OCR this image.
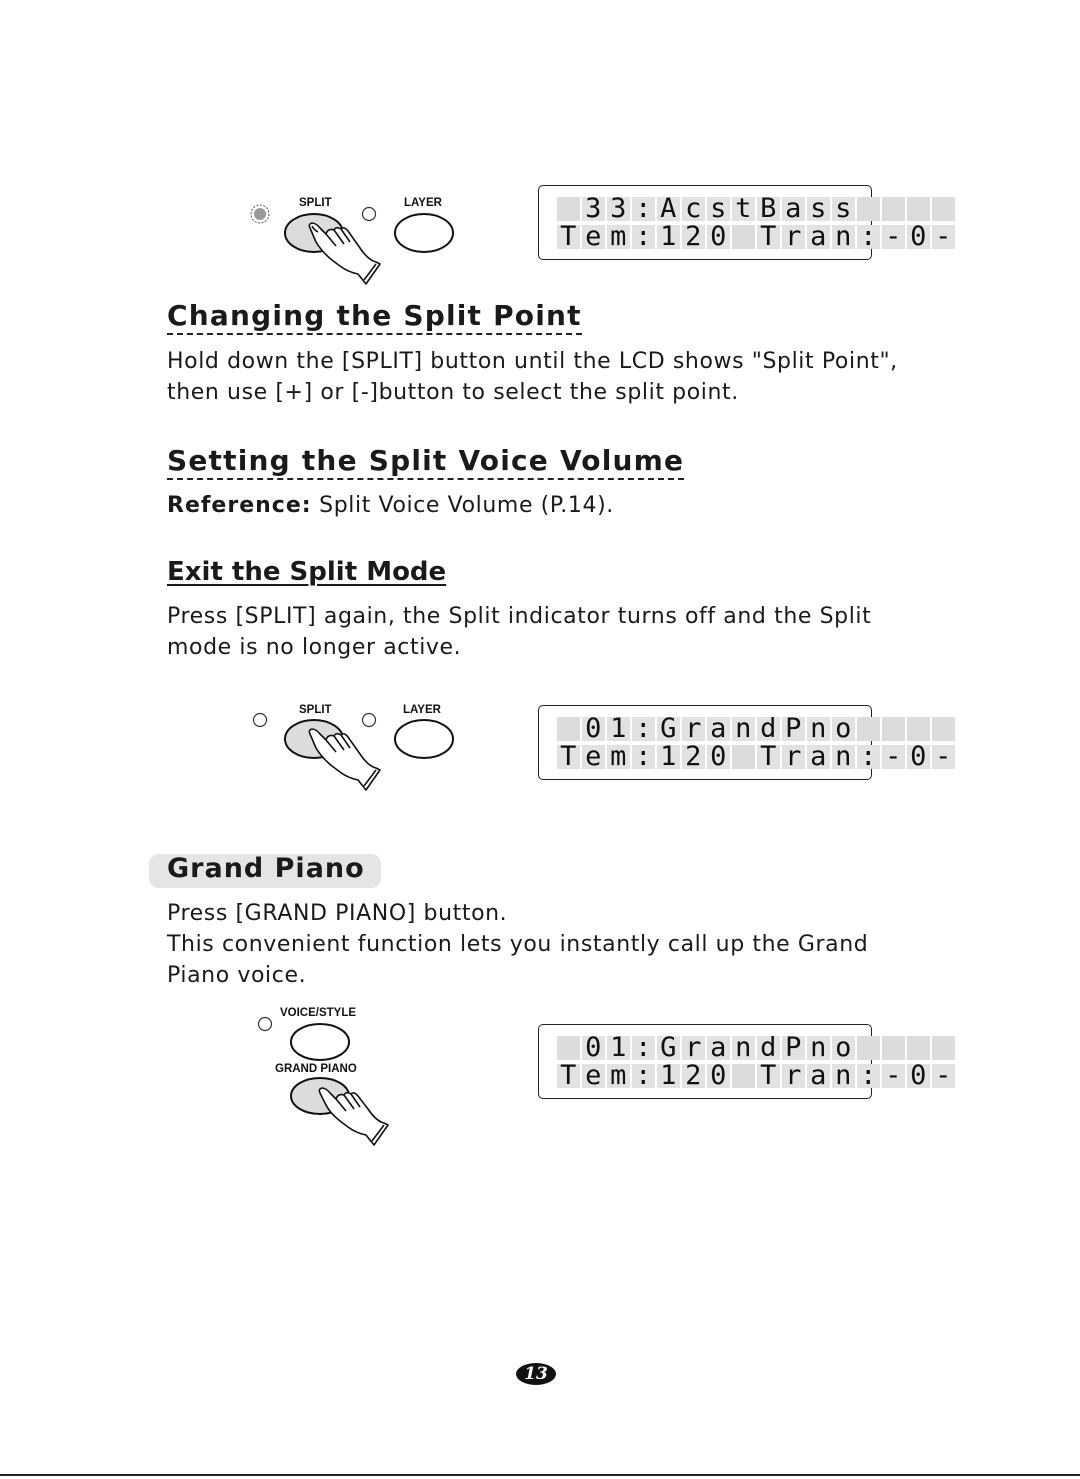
SPLIT	LAYER	3 3 : A c s t B a s s
T e m : 1 2 0 T r a n : - 0 -
Changing the Split Point

Hold down the [SPLIT] button until the LCD shows "Split Point",

then use [+] or [-]button to select the split point.

Setting the Split Voice Volume

Reference: Split Voice Volume (P.14).

Exit the Split Mode

Press [SPLIT] again, the Split indicator turns off and the Split

mode is no longer active.

SPLIT	LAYER
0 1 : G r a n d P n o
T e m : 1 2 0 T r a n : - 0 -
Grand Piano

Press [GRAND PIANO] button.

This convenient function lets you instantly call up the Grand

Piano voice.

VOICE/STYLE
GRAND PIANO
0 1 : G r a n d P n o
T e m : 1 2 0 T r a n : - 0 -
13
